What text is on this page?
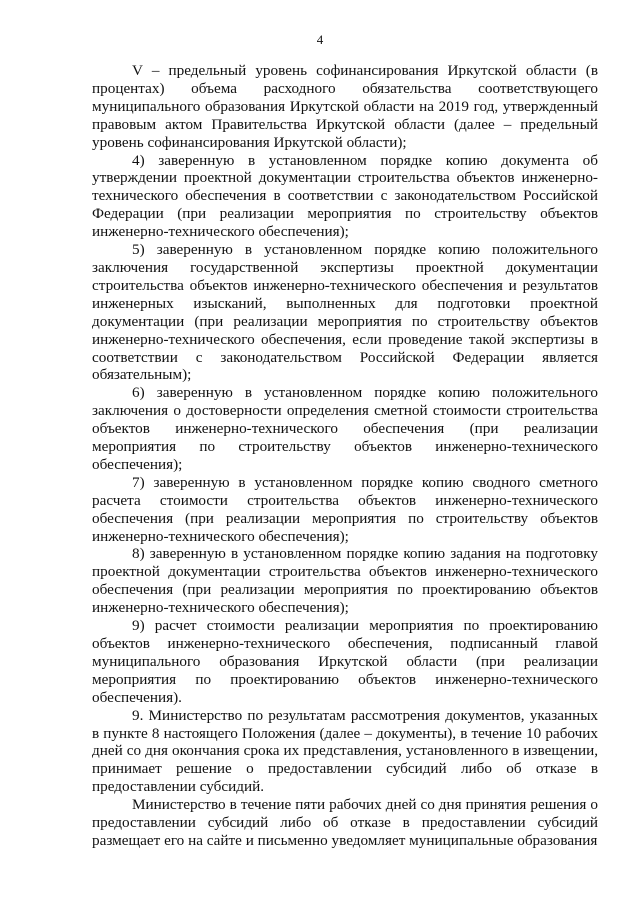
4

V – предельный уровень софинансирования Иркутской области (в процентах) объема расходного обязательства соответствующего муниципального образования Иркутской области на 2019 год, утвержденный правовым актом Правительства Иркутской области (далее – предельный уровень софинансирования Иркутской области);

4) заверенную в установленном порядке копию документа об утверждении проектной документации строительства объектов инженерно-технического обеспечения в соответствии с законодательством Российской Федерации (при реализации мероприятия по строительству объектов инженерно-технического обеспечения);

5) заверенную в установленном порядке копию положительного заключения государственной экспертизы проектной документации строительства объектов инженерно-технического обеспечения и результатов инженерных изысканий, выполненных для подготовки проектной документации (при реализации мероприятия по строительству объектов инженерно-технического обеспечения, если проведение такой экспертизы в соответствии с законодательством Российской Федерации является обязательным);

6) заверенную в установленном порядке копию положительного заключения о достоверности определения сметной стоимости строительства объектов инженерно-технического обеспечения (при реализации мероприятия по строительству объектов инженерно-технического обеспечения);

7) заверенную в установленном порядке копию сводного сметного расчета стоимости строительства объектов инженерно-технического обеспечения (при реализации мероприятия по строительству объектов инженерно-технического обеспечения);

8) заверенную в установленном порядке копию задания на подготовку проектной документации строительства объектов инженерно-технического обеспечения (при реализации мероприятия по проектированию объектов инженерно-технического обеспечения);

9) расчет стоимости реализации мероприятия по проектированию объектов инженерно-технического обеспечения, подписанный главой муниципального образования Иркутской области (при реализации мероприятия по проектированию объектов инженерно-технического обеспечения).

9. Министерство по результатам рассмотрения документов, указанных в пункте 8 настоящего Положения (далее – документы), в течение 10 рабочих дней со дня окончания срока их представления, установленного в извещении, принимает решение о предоставлении субсидий либо об отказе в предоставлении субсидий.

Министерство в течение пяти рабочих дней со дня принятия решения о предоставлении субсидий либо об отказе в предоставлении субсидий размещает его на сайте и письменно уведомляет муниципальные образования
